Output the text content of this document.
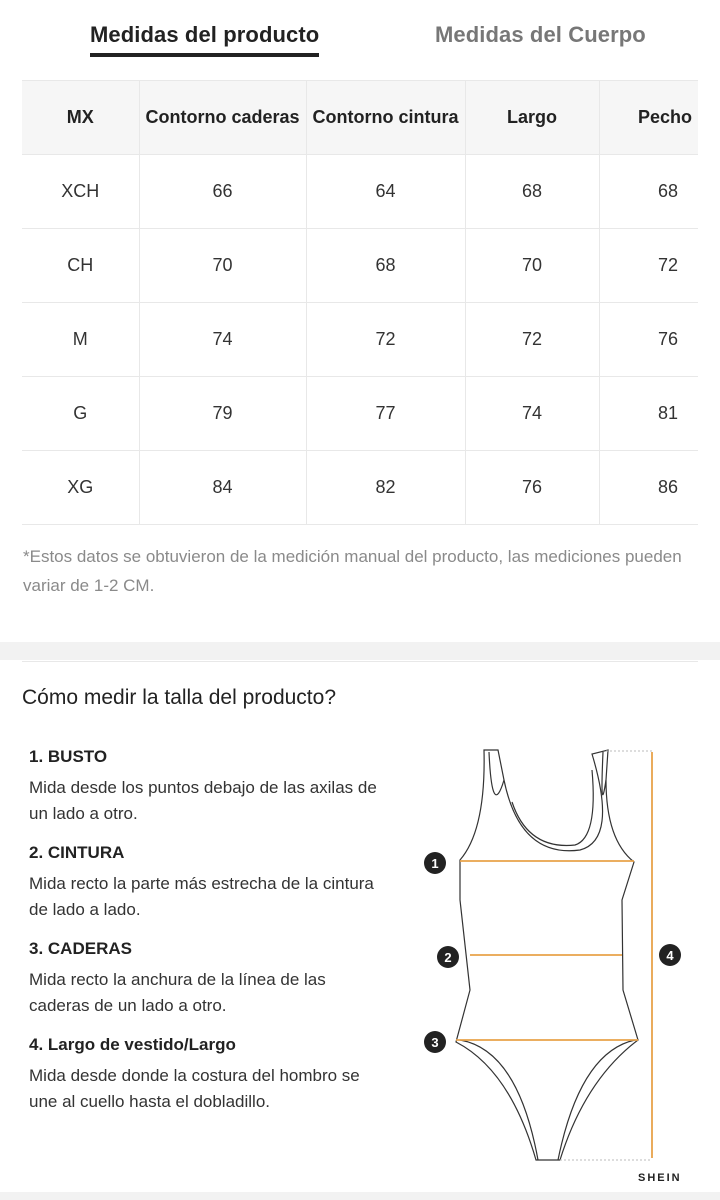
Medidas del producto	Medidas del Cuerpo
MX	Contorno caderas	Contorno cintura	Largo	Pecho
XCH	66	64	68	68
CH	70	68	70	72
M	74	72	72	76
G	79	77	74	81
XG	84	82	76	86
*Estos datos se obtuvieron de la medición manual del producto, las mediciones pueden variar de 1-2 CM.
Cómo medir la talla del producto?

1. BUSTO

Mida desde los puntos debajo de las axilas de un lado a otro.

2. CINTURA

Mida recto la parte más estrecha de la cintura de lado a lado.

3. CADERAS

Mida recto la anchura de la línea de las caderas de un lado a otro.

4. Largo de vestido/Largo

Mida desde donde la costura del hombro se une al cuello hasta el dobladillo.

1
2
3
4
SHEIN
